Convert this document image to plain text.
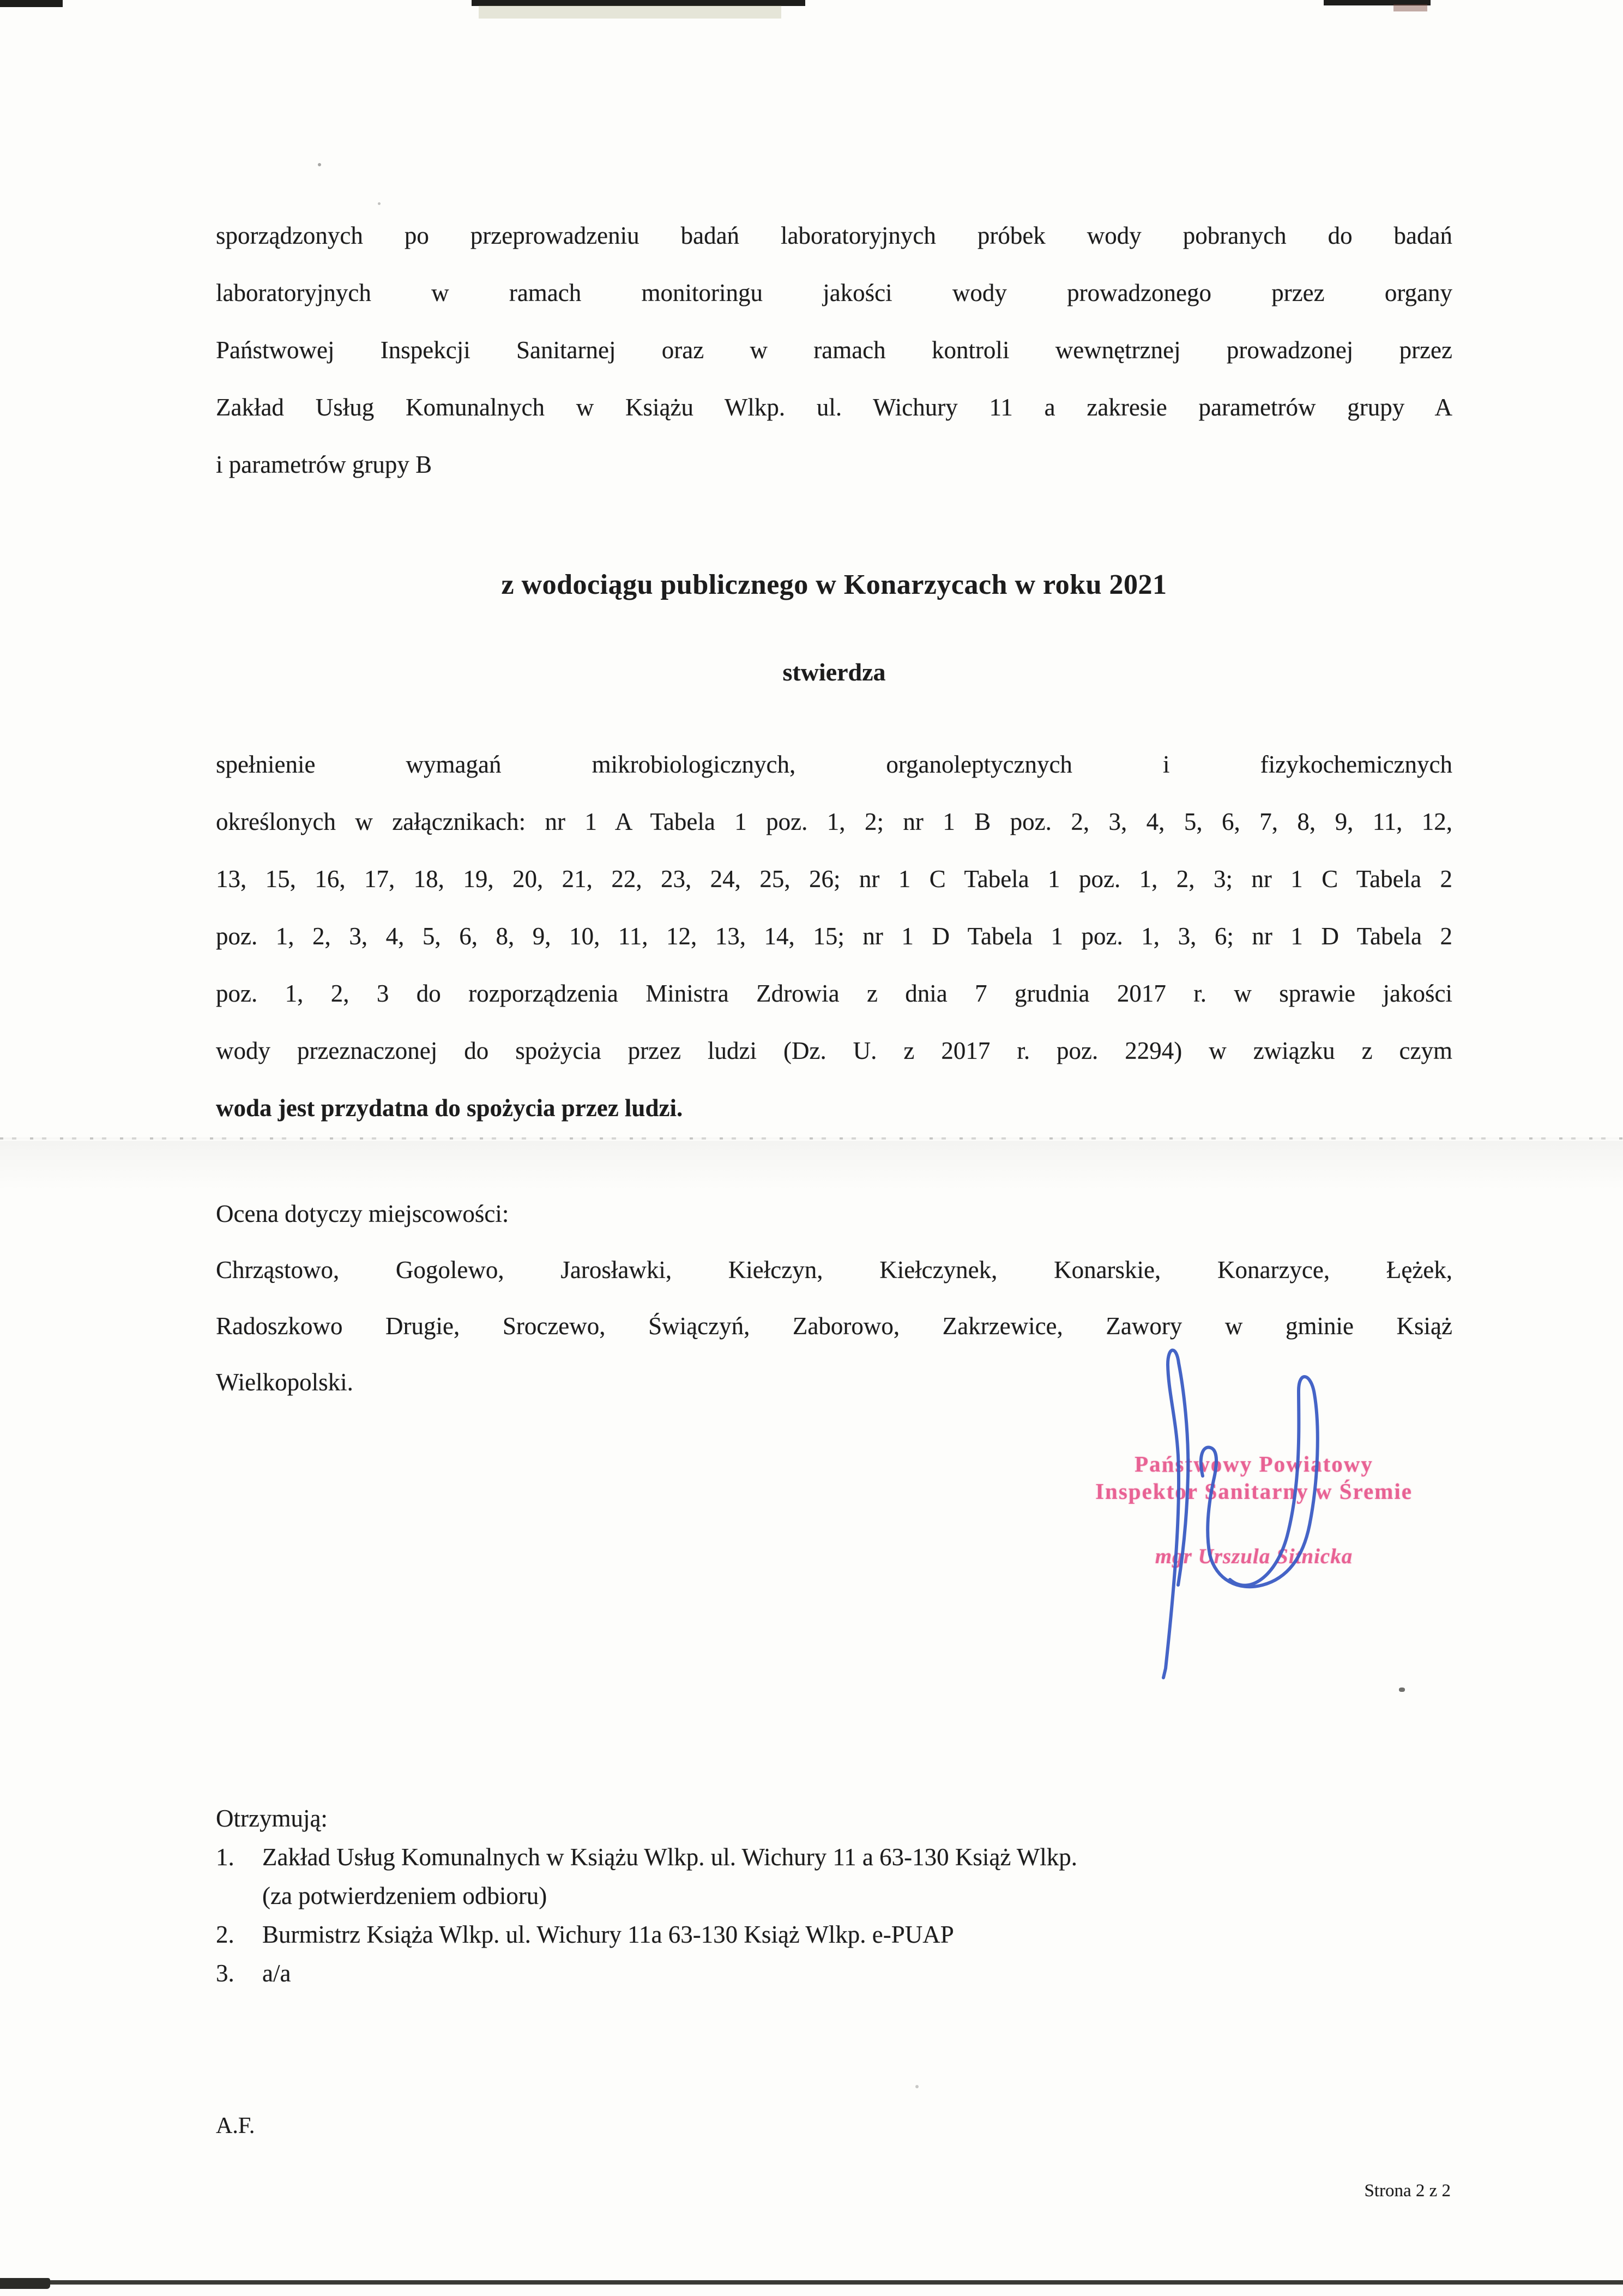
sporządzonych po przeprowadzeniu badań laboratoryjnych próbek wody pobranych do badań
laboratoryjnych w ramach monitoringu jakości wody prowadzonego przez organy
Państwowej Inspekcji Sanitarnej oraz w ramach kontroli wewnętrznej prowadzonej przez
Zakład Usług Komunalnych w Książu Wlkp. ul. Wichury 11 a zakresie parametrów grupy A
i parametrów grupy B
z wodociągu publicznego w Konarzycach w roku 2021
stwierdza
spełnienie wymagań mikrobiologicznych, organoleptycznych i fizykochemicznych
określonych w załącznikach: nr 1 A Tabela 1 poz. 1, 2; nr 1 B poz. 2, 3, 4, 5, 6, 7, 8, 9, 11, 12,
13, 15, 16, 17, 18, 19, 20, 21, 22, 23, 24, 25, 26; nr 1 C Tabela 1 poz. 1, 2, 3; nr 1 C Tabela 2
poz. 1, 2, 3, 4, 5, 6, 8, 9, 10, 11, 12, 13, 14, 15; nr 1 D Tabela 1 poz. 1, 3, 6; nr 1 D Tabela 2
poz. 1, 2, 3 do rozporządzenia Ministra Zdrowia z dnia 7 grudnia 2017 r. w sprawie jakości
wody przeznaczonej do spożycia przez ludzi (Dz. U. z 2017 r. poz. 2294) w związku z czym
woda jest przydatna do spożycia przez ludzi.
Ocena dotyczy miejscowości:
Chrząstowo, Gogolewo, Jarosławki, Kiełczyn, Kiełczynek, Konarskie, Konarzyce, Łężek,
Radoszkowo Drugie, Sroczewo, Świączyń, Zaborowo, Zakrzewice, Zawory w gminie Książ
Wielkopolski.
Państwowy Powiatowy
Inspektor Sanitarny w Śremie
mgr Urszula Sitnicka
Otrzymują:
1.	Zakład Usług Komunalnych w Książu Wlkp. ul. Wichury 11 a 63-130 Książ Wlkp.
(za potwierdzeniem odbioru)
2.	Burmistrz Książa Wlkp. ul. Wichury 11a 63-130 Książ Wlkp. e-PUAP
3.	a/a
A.F.
Strona 2 z 2
